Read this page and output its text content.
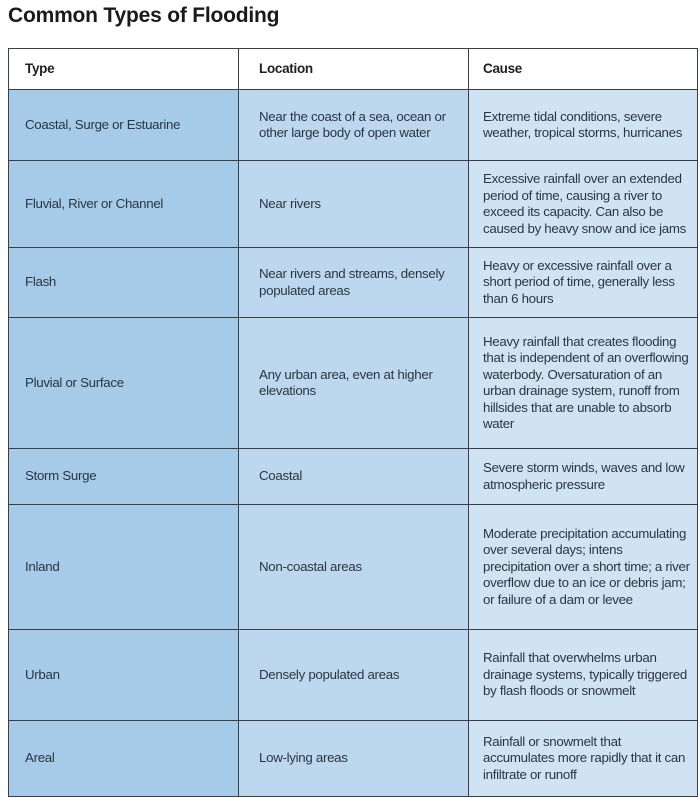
Common Types of Flooding
Type	Location	Cause
Coastal, Surge or Estuarine	Near the coast of a sea, ocean or other large body of open water	Extreme tidal conditions, severe weather, tropical storms, hurricanes
Fluvial, River or Channel	Near rivers	Excessive rainfall over an extended period of time, causing a river to exceed its capacity. Can also be caused by heavy snow and ice jams
Flash	Near rivers and streams, densely populated areas	Heavy or excessive rainfall over a short period of time, generally less than 6 hours
Pluvial or Surface	Any urban area, even at higher elevations	Heavy rainfall that creates flooding that is independent of an overflowing waterbody. Oversaturation of an urban drainage system, runoff from hillsides that are unable to absorb water
Storm Surge	Coastal	Severe storm winds, waves and low atmospheric pressure
Inland	Non-coastal areas	Moderate precipitation accumulating over several days; intens precipitation over a short time; a river overflow due to an ice or debris jam; or failure of a dam or levee
Urban	Densely populated areas	Rainfall that overwhelms urban drainage systems, typically triggered by flash floods or snowmelt
Areal	Low-lying areas	Rainfall or snowmelt that accumulates more rapidly that it can infiltrate or runoff
